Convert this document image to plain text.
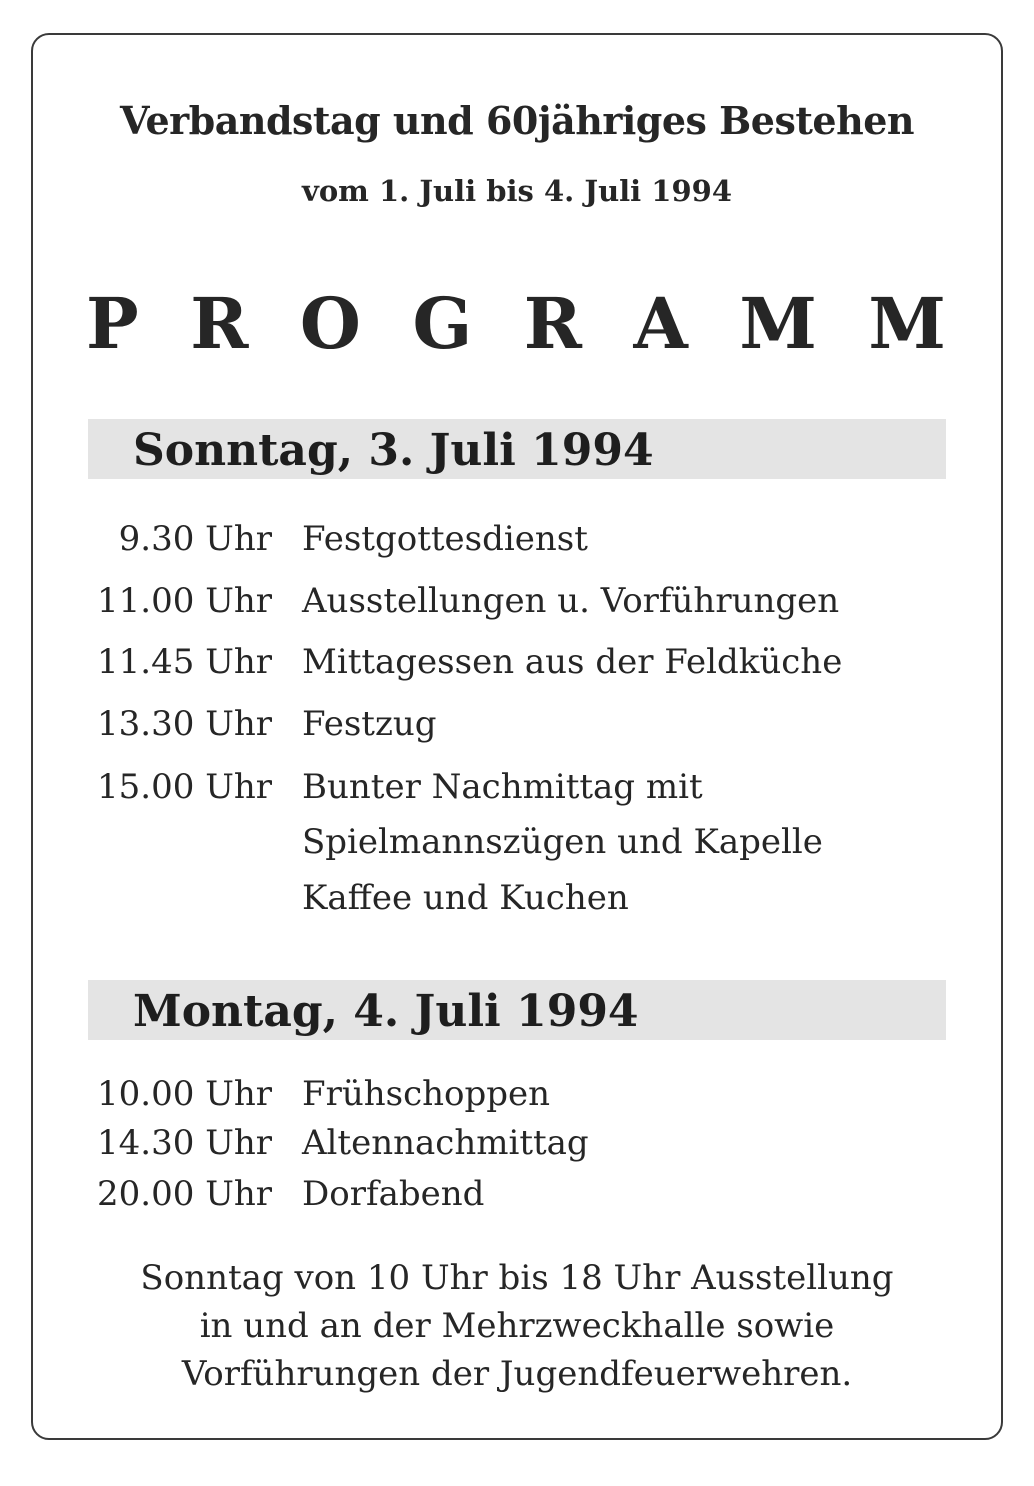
Verbandstag und 60jähriges Bestehen
vom 1. Juli bis 4. Juli 1994
P R O G R A M M
Sonntag, 3. Juli 1994
9.30 Uhr Festgottesdienst
11.00 Uhr Ausstellungen u. Vorführungen
11.45 Uhr Mittagessen aus der Feldküche
13.30 Uhr Festzug
15.00 Uhr Bunter Nachmittag mit
Spielmannszügen und Kapelle
Kaffee und Kuchen
Montag, 4. Juli 1994
10.00 Uhr Frühschoppen
14.30 Uhr Altennachmittag
20.00 Uhr Dorfabend
Sonntag von 10 Uhr bis 18 Uhr Ausstellung
in und an der Mehrzweckhalle sowie
Vorführungen der Jugendfeuerwehren.
